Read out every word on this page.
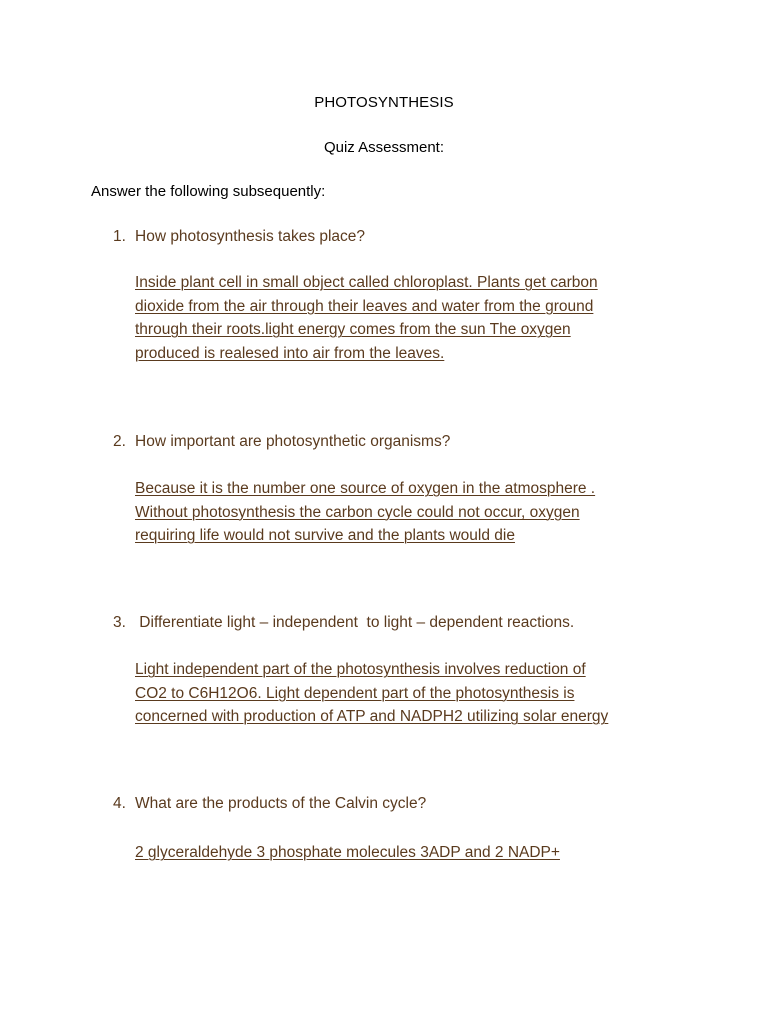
PHOTOSYNTHESIS
Quiz Assessment:
Answer the following subsequently:
1. How photosynthesis takes place?
Inside plant cell in small object called chloroplast. Plants get carbon
dioxide from the air through their leaves and water from the ground
through their roots.light energy comes from the sun The oxygen
produced is realesed into air from the leaves.
2. How important are photosynthetic organisms?
Because it is the number one source of oxygen in the atmosphere .
Without photosynthesis the carbon cycle could not occur, oxygen
requiring life would not survive and the plants would die
3. Differentiate light – independent  to light – dependent reactions.
Light independent part of the photosynthesis involves reduction of
CO2 to C6H12O6. Light dependent part of the photosynthesis is
concerned with production of ATP and NADPH2 utilizing solar energy
4. What are the products of the Calvin cycle?
2 glyceraldehyde 3 phosphate molecules 3ADP and 2 NADP+
